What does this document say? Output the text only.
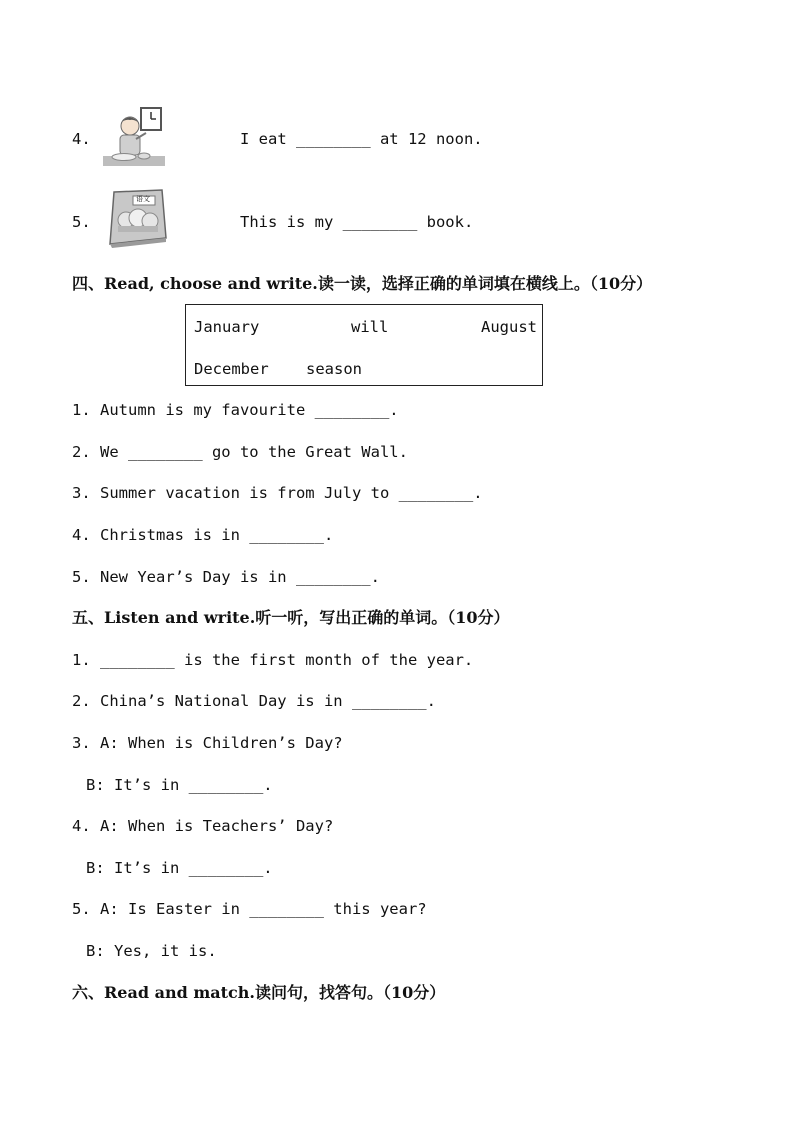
4.	I eat ________ at 12 noon.
5.
语文
This is my ________ book.
四、Read, choose and write.读一读，选择正确的单词填在横线上。（10分）
January	will	August
December season
1. Autumn is my favourite ________.
2. We ________ go to the Great Wall.
3. Summer vacation is from July to ________.
4. Christmas is in ________.
5. New Year’s Day is in ________.
五、Listen and write.听一听，写出正确的单词。（10分）
1. ________ is the first month of the year.
2. China’s National Day is in ________.
3. A: When is Children’s Day?
B: It’s in ________.
4. A: When is Teachers’ Day?
B: It’s in ________.
5. A: Is Easter in ________ this year?
B: Yes, it is.
六、Read and match.读问句，找答句。（10分）
